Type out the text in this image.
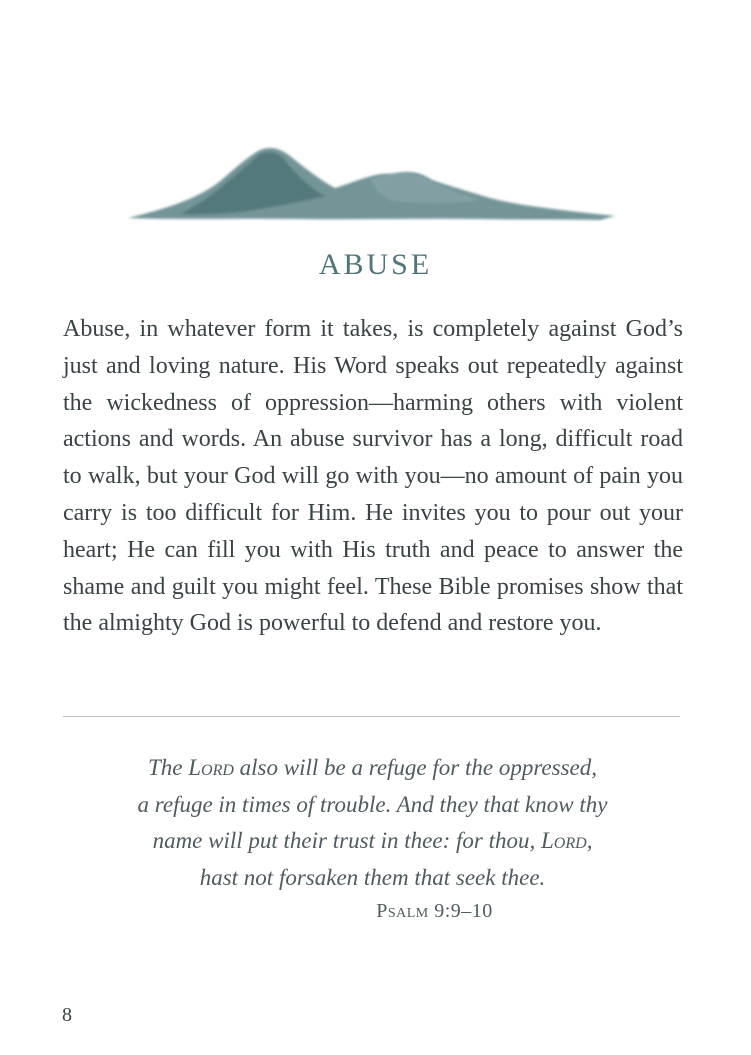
ABUSE

Abuse, in whatever form it takes, is completely against God’s just and loving nature. His Word speaks out repeatedly against the wickedness of oppression—harming others with violent actions and words. An abuse survivor has a long, difficult road to walk, but your God will go with you—no amount of pain you carry is too difficult for Him. He invites you to pour out your heart; He can fill you with His truth and peace to answer the shame and guilt you might feel. These Bible promises show that the almighty God is powerful to defend and restore you.

The Lord also will be a refuge for the oppressed,
a refuge in times of trouble. And they that know thy
name will put their trust in thee: for thou, Lord,
hast not forsaken them that seek thee.

Psalm 9:9–10

8
